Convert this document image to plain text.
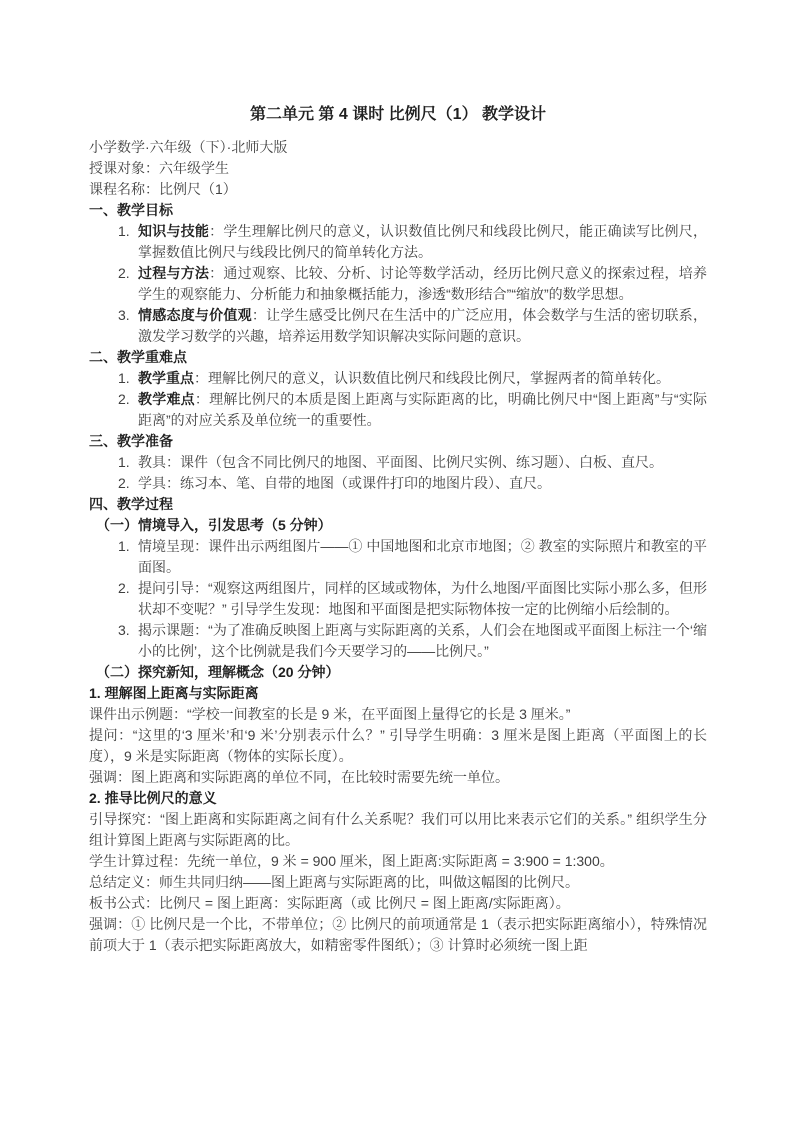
第二单元 第 4 课时 比例尺（1） 教学设计

小学数学·六年级（下）·北师大版

授课对象：六年级学生

课程名称：比例尺（1）

一、教学目标

1. 知识与技能：学生理解比例尺的意义，认识数值比例尺和线段比例尺，能正确读写比例尺，掌握数值比例尺与线段比例尺的简单转化方法。
2. 过程与方法：通过观察、比较、分析、讨论等数学活动，经历比例尺意义的探索过程，培养学生的观察能力、分析能力和抽象概括能力，渗透“数形结合”“缩放”的数学思想。
3. 情感态度与价值观：让学生感受比例尺在生活中的广泛应用，体会数学与生活的密切联系，激发学习数学的兴趣，培养运用数学知识解决实际问题的意识。

二、教学重难点

1. 教学重点：理解比例尺的意义，认识数值比例尺和线段比例尺，掌握两者的简单转化。
2. 教学难点：理解比例尺的本质是图上距离与实际距离的比，明确比例尺中“图上距离”与“实际距离”的对应关系及单位统一的重要性。

三、教学准备

1. 教具：课件（包含不同比例尺的地图、平面图、比例尺实例、练习题）、白板、直尺。
2. 学具：练习本、笔、自带的地图（或课件打印的地图片段）、直尺。

四、教学过程

（一）情境导入，引发思考（5 分钟）

1. 情境呈现：课件出示两组图片——① 中国地图和北京市地图；② 教室的实际照片和教室的平面图。
2. 提问引导：“观察这两组图片，同样的区域或物体，为什么地图/平面图比实际小那么多，但形状却不变呢？” 引导学生发现：地图和平面图是把实际物体按一定的比例缩小后绘制的。
3. 揭示课题：“为了准确反映图上距离与实际距离的关系，人们会在地图或平面图上标注一个‘缩小的比例’，这个比例就是我们今天要学习的——比例尺。”

（二）探究新知，理解概念（20 分钟）

1. 理解图上距离与实际距离

课件出示例题：“学校一间教室的长是 9 米，在平面图上量得它的长是 3 厘米。”

提问：“这里的‘3 厘米’和‘9 米’分别表示什么？” 引导学生明确：3 厘米是图上距离（平面图上的长度），9 米是实际距离（物体的实际长度）。

强调：图上距离和实际距离的单位不同，在比较时需要先统一单位。

2. 推导比例尺的意义

引导探究：“图上距离和实际距离之间有什么关系呢？我们可以用比来表示它们的关系。” 组织学生分组计算图上距离与实际距离的比。

学生计算过程：先统一单位，9 米 = 900 厘米，图上距离:实际距离 = 3:900 = 1:300。

总结定义：师生共同归纳——图上距离与实际距离的比，叫做这幅图的比例尺。

板书公式：比例尺 = 图上距离：实际距离（或 比例尺 = 图上距离/实际距离）。

强调：① 比例尺是一个比，不带单位；② 比例尺的前项通常是 1（表示把实际距离缩小），特殊情况前项大于 1（表示把实际距离放大，如精密零件图纸）；③ 计算时必须统一图上距
